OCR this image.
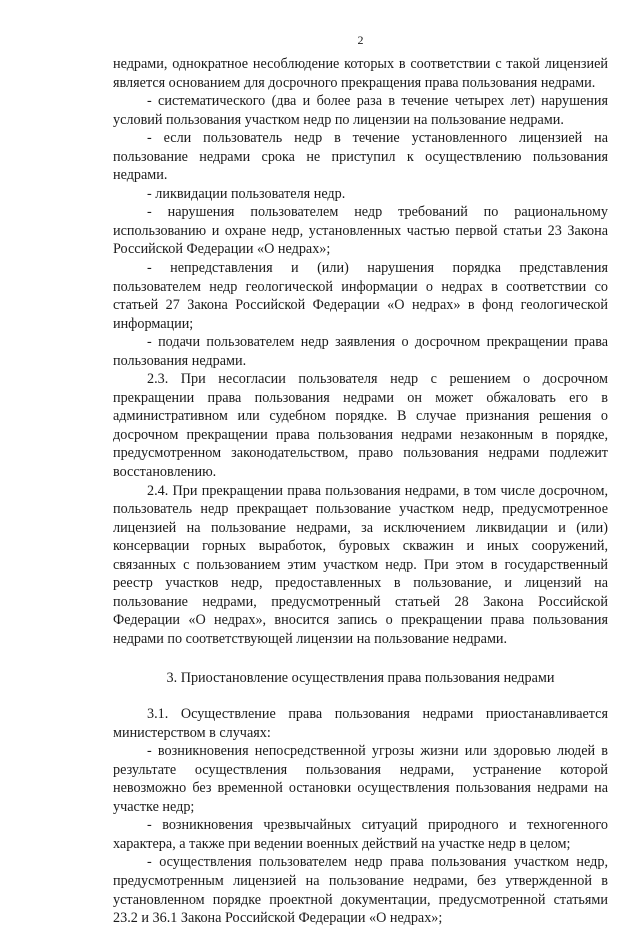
2

недрами, однократное несоблюдение которых в соответствии с такой лицензией является основанием для досрочного прекращения права пользования недрами.

- систематического (два и более раза в течение четырех лет) нарушения условий пользования участком недр по лицензии на пользование недрами.

- если пользователь недр в течение установленного лицензией на пользование недрами срока не приступил к осуществлению пользования недрами.

- ликвидации пользователя недр.

- нарушения пользователем недр требований по рациональному использованию и охране недр, установленных частью первой статьи 23 Закона Российской Федерации «О недрах»;

- непредставления и (или) нарушения порядка представления пользователем недр геологической информации о недрах в соответствии со статьей 27 Закона Российской Федерации «О недрах» в фонд геологической информации;

- подачи пользователем недр заявления о досрочном прекращении права пользования недрами.

2.3. При несогласии пользователя недр с решением о досрочном прекращении права пользования недрами он может обжаловать его в административном или судебном порядке. В случае признания решения о досрочном прекращении права пользования недрами незаконным в порядке, предусмотренном законодательством, право пользования недрами подлежит восстановлению.

2.4. При прекращении права пользования недрами, в том числе досрочном, пользователь недр прекращает пользование участком недр, предусмотренное лицензией на пользование недрами, за исключением ликвидации и (или) консервации горных выработок, буровых скважин и иных сооружений, связанных с пользованием этим участком недр. При этом в государственный реестр участков недр, предоставленных в пользование, и лицензий на пользование недрами, предусмотренный статьей 28 Закона Российской Федерации «О недрах», вносится запись о прекращении права пользования недрами по соответствующей лицензии на пользование недрами.

3. Приостановление осуществления права пользования недрами

3.1. Осуществление права пользования недрами приостанавливается министерством в случаях:

- возникновения непосредственной угрозы жизни или здоровью людей в результате осуществления пользования недрами, устранение которой невозможно без временной остановки осуществления пользования недрами на участке недр;

- возникновения чрезвычайных ситуаций природного и техногенного характера, а также при ведении военных действий на участке недр в целом;

- осуществления пользователем недр права пользования участком недр, предусмотренным лицензией на пользование недрами, без утвержденной в установленном порядке проектной документации, предусмотренной статьями 23.2 и 36.1 Закона Российской Федерации «О недрах»;
